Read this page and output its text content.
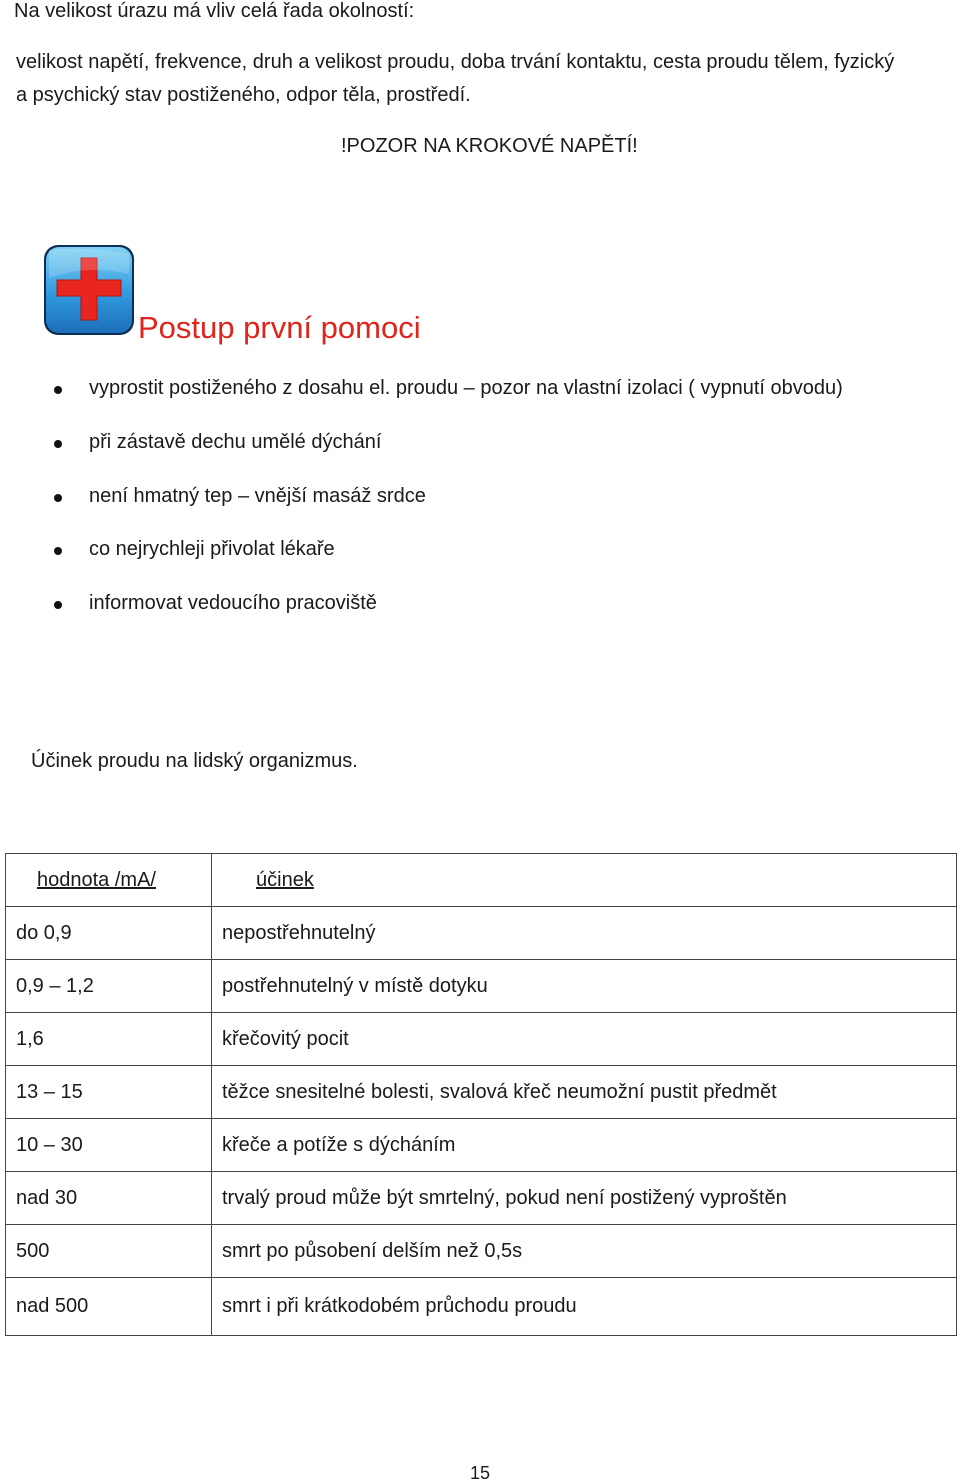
Na velikost úrazu má vliv celá řada okolností:
velikost napětí, frekvence, druh a velikost proudu, doba trvání kontaktu, cesta proudu tělem, fyzický
a psychický stav postiženého, odpor těla, prostředí.
!POZOR NA KROKOVÉ NAPĚTÍ!
Postup první pomoci
vyprostit postiženého z dosahu el. proudu – pozor na vlastní izolaci ( vypnutí obvodu)
při zástavě dechu umělé dýchání
není hmatný tep – vnější masáž srdce
co nejrychleji přivolat lékaře
informovat vedoucího pracoviště
Účinek proudu na lidský organizmus.
hodnota /mA/	účinek
do 0,9	nepostřehnutelný
0,9 – 1,2	postřehnutelný v místě dotyku
1,6	křečovitý pocit
13 – 15	těžce snesitelné bolesti, svalová křeč neumožní pustit předmět
10 – 30	křeče a potíže s dýcháním
nad 30	trvalý proud může být smrtelný, pokud není postižený vyproštěn
500	smrt po působení delším než 0,5s
nad 500	smrt i při krátkodobém průchodu proudu
15
